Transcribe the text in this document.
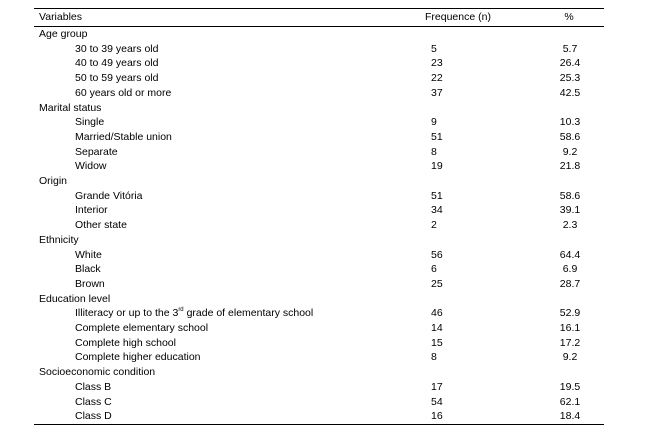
Variables	Frequence (n)	%
Age group		
30 to 39 years old	5	5.7
40 to 49 years old	23	26.4
50 to 59 years old	22	25.3
60 years old or more	37	42.5
Marital status		
Single	9	10.3
Married/Stable union	51	58.6
Separate	8	9.2
Widow	19	21.8
Origin		
Grande Vitória	51	58.6
Interior	34	39.1
Other state	2	2.3
Ethnicity		
White	56	64.4
Black	6	6.9
Brown	25	28.7
Education level		
Illiteracy or up to the 3rd grade of elementary school	46	52.9
Complete elementary school	14	16.1
Complete high school	15	17.2
Complete higher education	8	9.2
Socioeconomic condition		
Class B	17	19.5
Class C	54	62.1
Class D	16	18.4
